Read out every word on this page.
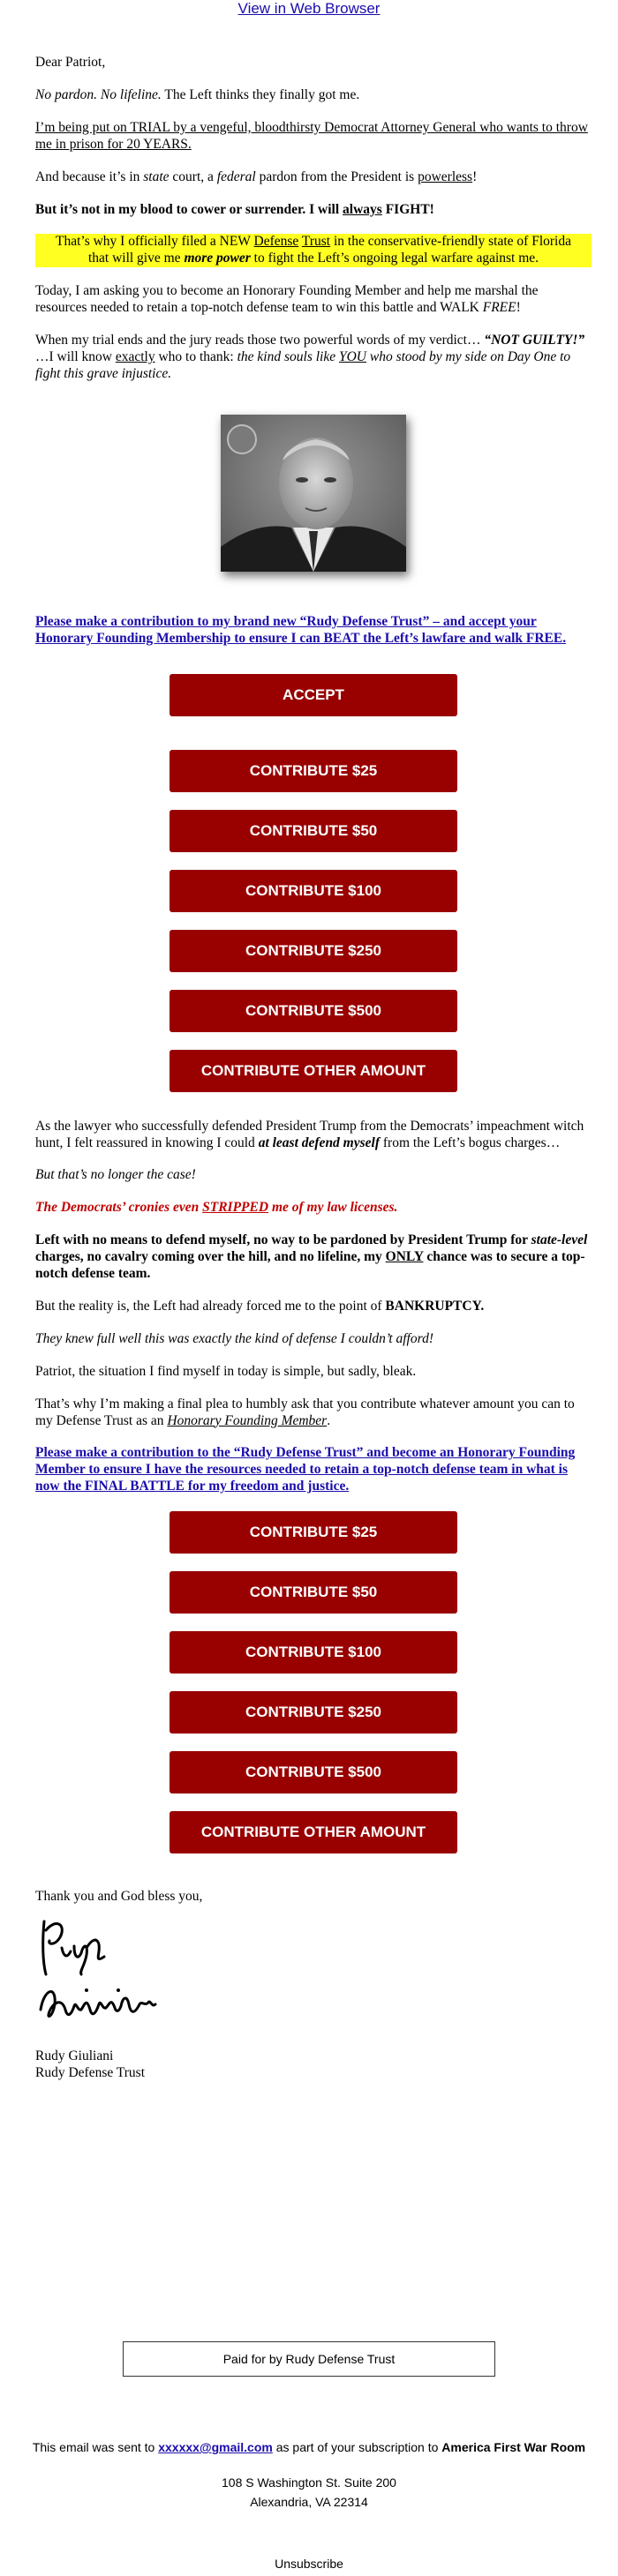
View in Web Browser

Dear Patriot,

No pardon. No lifeline. The Left thinks they finally got me.

I’m being put on TRIAL by a vengeful, bloodthirsty Democrat Attorney General who wants to throw me in prison for 20 YEARS.

And because it’s in state court, a federal pardon from the President is powerless!

But it’s not in my blood to cower or surrender. I will always FIGHT!

That’s why I officially filed a NEW Defense Trust in the conservative-friendly state of Florida that will give me more power to fight the Left’s ongoing legal warfare against me.

Today, I am asking you to become an Honorary Founding Member and help me marshal the resources needed to retain a top-notch defense team to win this battle and WALK FREE!

When my trial ends and the jury reads those two powerful words of my verdict… “NOT GUILTY!” …I will know exactly who to thank: the kind souls like YOU who stood by my side on Day One to fight this grave injustice.

Please make a contribution to my brand new “Rudy Defense Trust” – and accept your Honorary Founding Membership to ensure I can BEAT the Left’s lawfare and walk FREE.

ACCEPT
CONTRIBUTE $25
CONTRIBUTE $50
CONTRIBUTE $100
CONTRIBUTE $250
CONTRIBUTE $500
CONTRIBUTE OTHER AMOUNT

As the lawyer who successfully defended President Trump from the Democrats’ impeachment witch hunt, I felt reassured in knowing I could at least defend myself from the Left’s bogus charges…

But that’s no longer the case!

The Democrats’ cronies even STRIPPED me of my law licenses.

Left with no means to defend myself, no way to be pardoned by President Trump for state-level charges, no cavalry coming over the hill, and no lifeline, my ONLY chance was to secure a top-notch defense team.

But the reality is, the Left had already forced me to the point of BANKRUPTCY.

They knew full well this was exactly the kind of defense I couldn’t afford!

Patriot, the situation I find myself in today is simple, but sadly, bleak.

That’s why I’m making a final plea to humbly ask that you contribute whatever amount you can to my Defense Trust as an Honorary Founding Member.

Please make a contribution to the “Rudy Defense Trust” and become an Honorary Founding Member to ensure I have the resources needed to retain a top-notch defense team in what is now the FINAL BATTLE for my freedom and justice.

CONTRIBUTE $25
CONTRIBUTE $50
CONTRIBUTE $100
CONTRIBUTE $250
CONTRIBUTE $500
CONTRIBUTE OTHER AMOUNT

Thank you and God bless you,

Rudy Giuliani

Rudy Defense Trust

Paid for by Rudy Defense Trust
This email was sent to xxxxxx@gmail.com as part of your subscription to America First War Room
108 S Washington St. Suite 200
Alexandria, VA 22314
Unsubscribe
